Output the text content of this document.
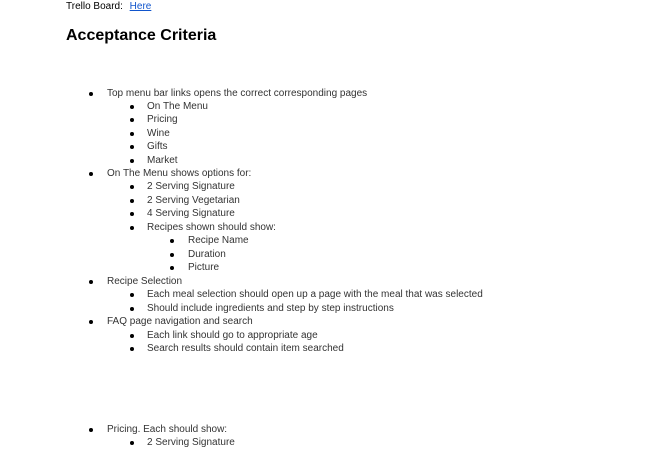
Trello Board: Here
Acceptance Criteria
Top menu bar links opens the correct corresponding pages
On The Menu
Pricing
Wine
Gifts
Market
On The Menu shows options for:
2 Serving Signature
2 Serving Vegetarian
4 Serving Signature
Recipes shown should show:
Recipe Name
Duration
Picture
Recipe Selection
Each meal selection should open up a page with the meal that was selected
Should include ingredients and step by step instructions
FAQ page navigation and search
Each link should go to appropriate age
Search results should contain item searched
Pricing. Each should show:
2 Serving Signature
